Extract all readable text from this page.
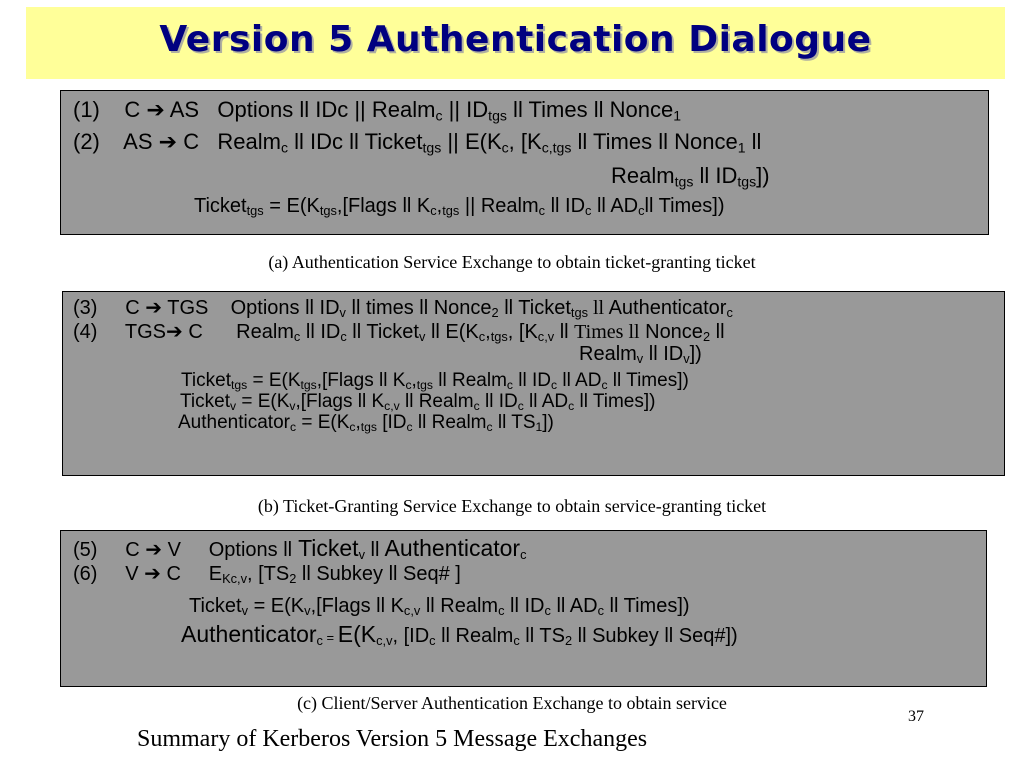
Version 5 Authentication Dialogue
(1) C ➔ AS Options ll IDc || Realm$_c$ || $ID_{tgs}$ ll Times ll Nonce$_1$
(2) AS ➔ C Realm$_c$ ll IDc ll Ticket$_{tgs}$ || $E(K_c$, [$K_{c,tgs}$ ll Times ll Nonce$_1$ ll
Realm$_{tgs}$ ll $ID_{tgs}$])
Ticket$_{tgs}$ = $E(K_{tgs},[Flags$ ll $K_c,_{tgs}$ || Realm$_c$ ll $ID_c$ ll $AD_cll$ Times])
(a) Authentication Service Exchange to obtain ticket-granting ticket
(3) C ➔ TGS Options ll $ID_v$ ll times ll Nonce$_2$ ll Ticket$_{tgs}$ ll Authenticator$_c$
(4) TGS➔ C Realm$_c$ ll $ID_c$ ll Ticket$_v$ ll $E(K_c,_{tgs}$, [$K_{c,v}$ ll Times ll Nonce$_2$ ll
Realm$_v$ ll $ID_v$])
Ticket$_{tgs}$ = $E(K_{tgs},[Flags$ ll $K_c,_{tgs}$ ll Realm$_c$ ll $ID_c$ ll $AD_c$ ll Times])
Ticket$_v$ = $E(K_v,[Flags$ ll $K_{c,v}$ ll Realm$_c$ ll $ID_c$ ll $AD_c$ ll Times])
Authenticator$_c$ = $E(K_c,_{tgs}$ [$ID_c$ ll Realm$_c$ ll $TS_1$])
(b) Ticket-Granting Service Exchange to obtain service-granting ticket
(5) C ➔ V Options ll Ticket$_v$ ll Authenticator$_c$
(6) V ➔ C $E_{Kc,v}$, [$TS_2$ ll Subkey ll Seq# ]
Ticket$_v$ = $E(K_v,[Flags$ ll $K_{c,v}$ ll Realm$_c$ ll $ID_c$ ll $AD_c$ ll Times])
Authenticator$_c$ = $E(K_{c,v}$, [$ID_c$ ll Realm$_c$ ll $TS_2$ ll Subkey ll Seq#])
(c) Client/Server Authentication Exchange to obtain service
37
Summary of Kerberos Version 5 Message Exchanges
